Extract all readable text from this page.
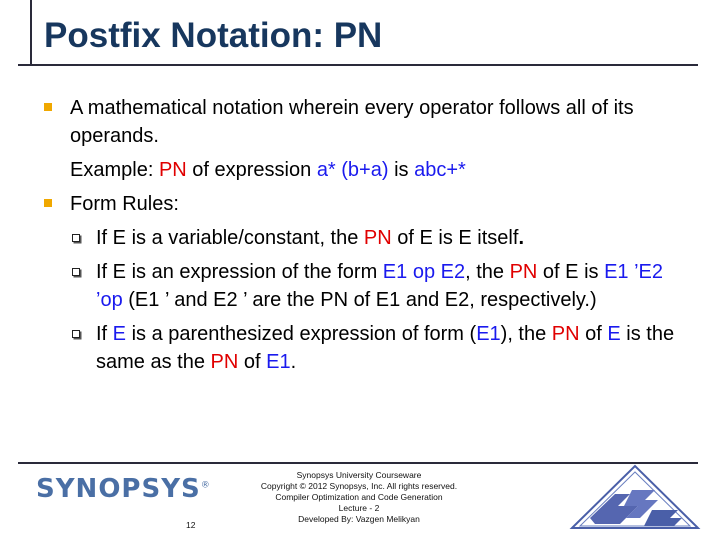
Postfix Notation: PN
A mathematical notation wherein every operator follows all of its operands.
Example: PN of expression a* (b+a) is abc+*
Form Rules:
If E is a variable/constant, the PN of E is E itself.
If E is an expression of the form E1 op E2, the PN of E is E1 ’E2 ’op (E1 ’ and E2 ’ are the PN of E1 and E2, respectively.)
If E is a parenthesized expression of form (E1), the PN of E is the same as the PN of E1.
SYNOPSYS®
Synopsys University Courseware
Copyright © 2012 Synopsys, Inc. All rights reserved.
Compiler Optimization and Code Generation
Lecture - 2
Developed By: Vazgen Melikyan
12
